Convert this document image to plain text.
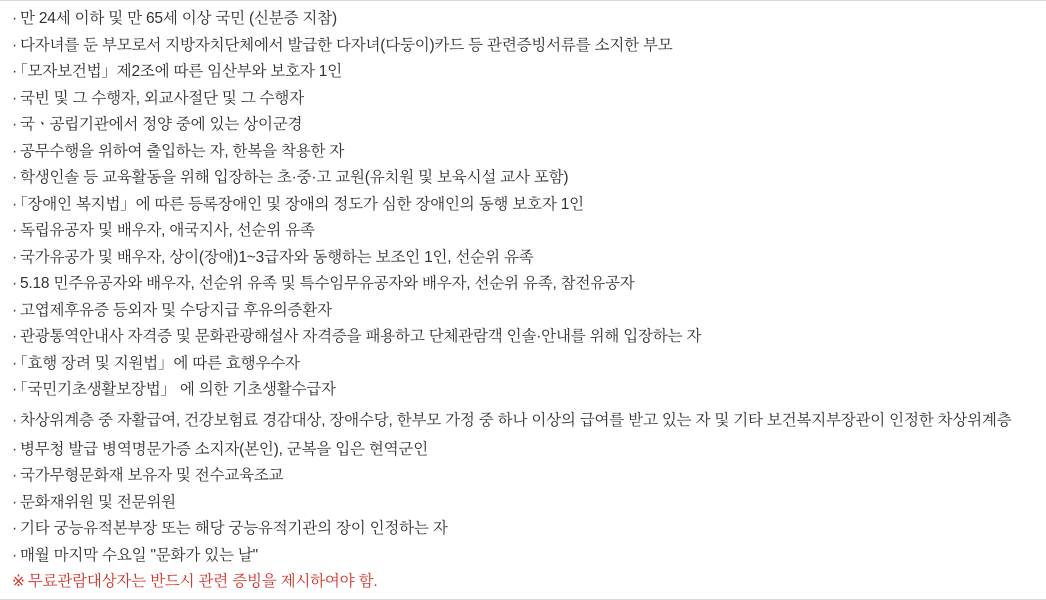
· 만 24세 이하 및 만 65세 이상 국민 (신분증 지참)
· 다자녀를 둔 부모로서 지방자치단체에서 발급한 다자녀(다둥이)카드 등 관련증빙서류를 소지한 부모
· 「모자보건법」제2조에 따른 임산부와 보호자 1인
· 국빈 및 그 수행자, 외교사절단 및 그 수행자
· 국ㆍ공립기관에서 정양 중에 있는 상이군경
· 공무수행을 위하여 출입하는 자, 한복을 착용한 자
· 학생인솔 등 교육활동을 위해 입장하는 초·중·고 교원(유치원 및 보육시설 교사 포함)
· 「장애인 복지법」에 따른 등록장애인 및 장애의 정도가 심한 장애인의 동행 보호자 1인
· 독립유공자 및 배우자, 애국지사, 선순위 유족
· 국가유공가 및 배우자, 상이(장애)1~3급자와 동행하는 보조인 1인, 선순위 유족
· 5.18 민주유공자와 배우자, 선순위 유족 및 특수임무유공자와 배우자, 선순위 유족, 참전유공자
· 고엽제후유증 등외자 및 수당지급 후유의증환자
· 관광통역안내사 자격증 및 문화관광해설사 자격증을 패용하고 단체관람객 인솔·안내를 위해 입장하는 자
· 「효행 장려 및 지원법」에 따른 효행우수자
· 「국민기초생활보장법」 에 의한 기초생활수급자
· 차상위계층 중 자활급여, 건강보험료 경감대상, 장애수당, 한부모 가정 중 하나 이상의 급여를 받고 있는 자 및 기타 보건복지부장관이 인정한 차상위계층
· 병무청 발급 병역명문가증 소지자(본인), 군복을 입은 현역군인
· 국가무형문화재 보유자 및 전수교육조교
· 문화재위원 및 전문위원
· 기타 궁능유적본부장 또는 해당 궁능유적기관의 장이 인정하는 자
· 매월 마지막 수요일 "문화가 있는 날"

※ 무료관람대상자는 반드시 관련 증빙을 제시하여야 함.
